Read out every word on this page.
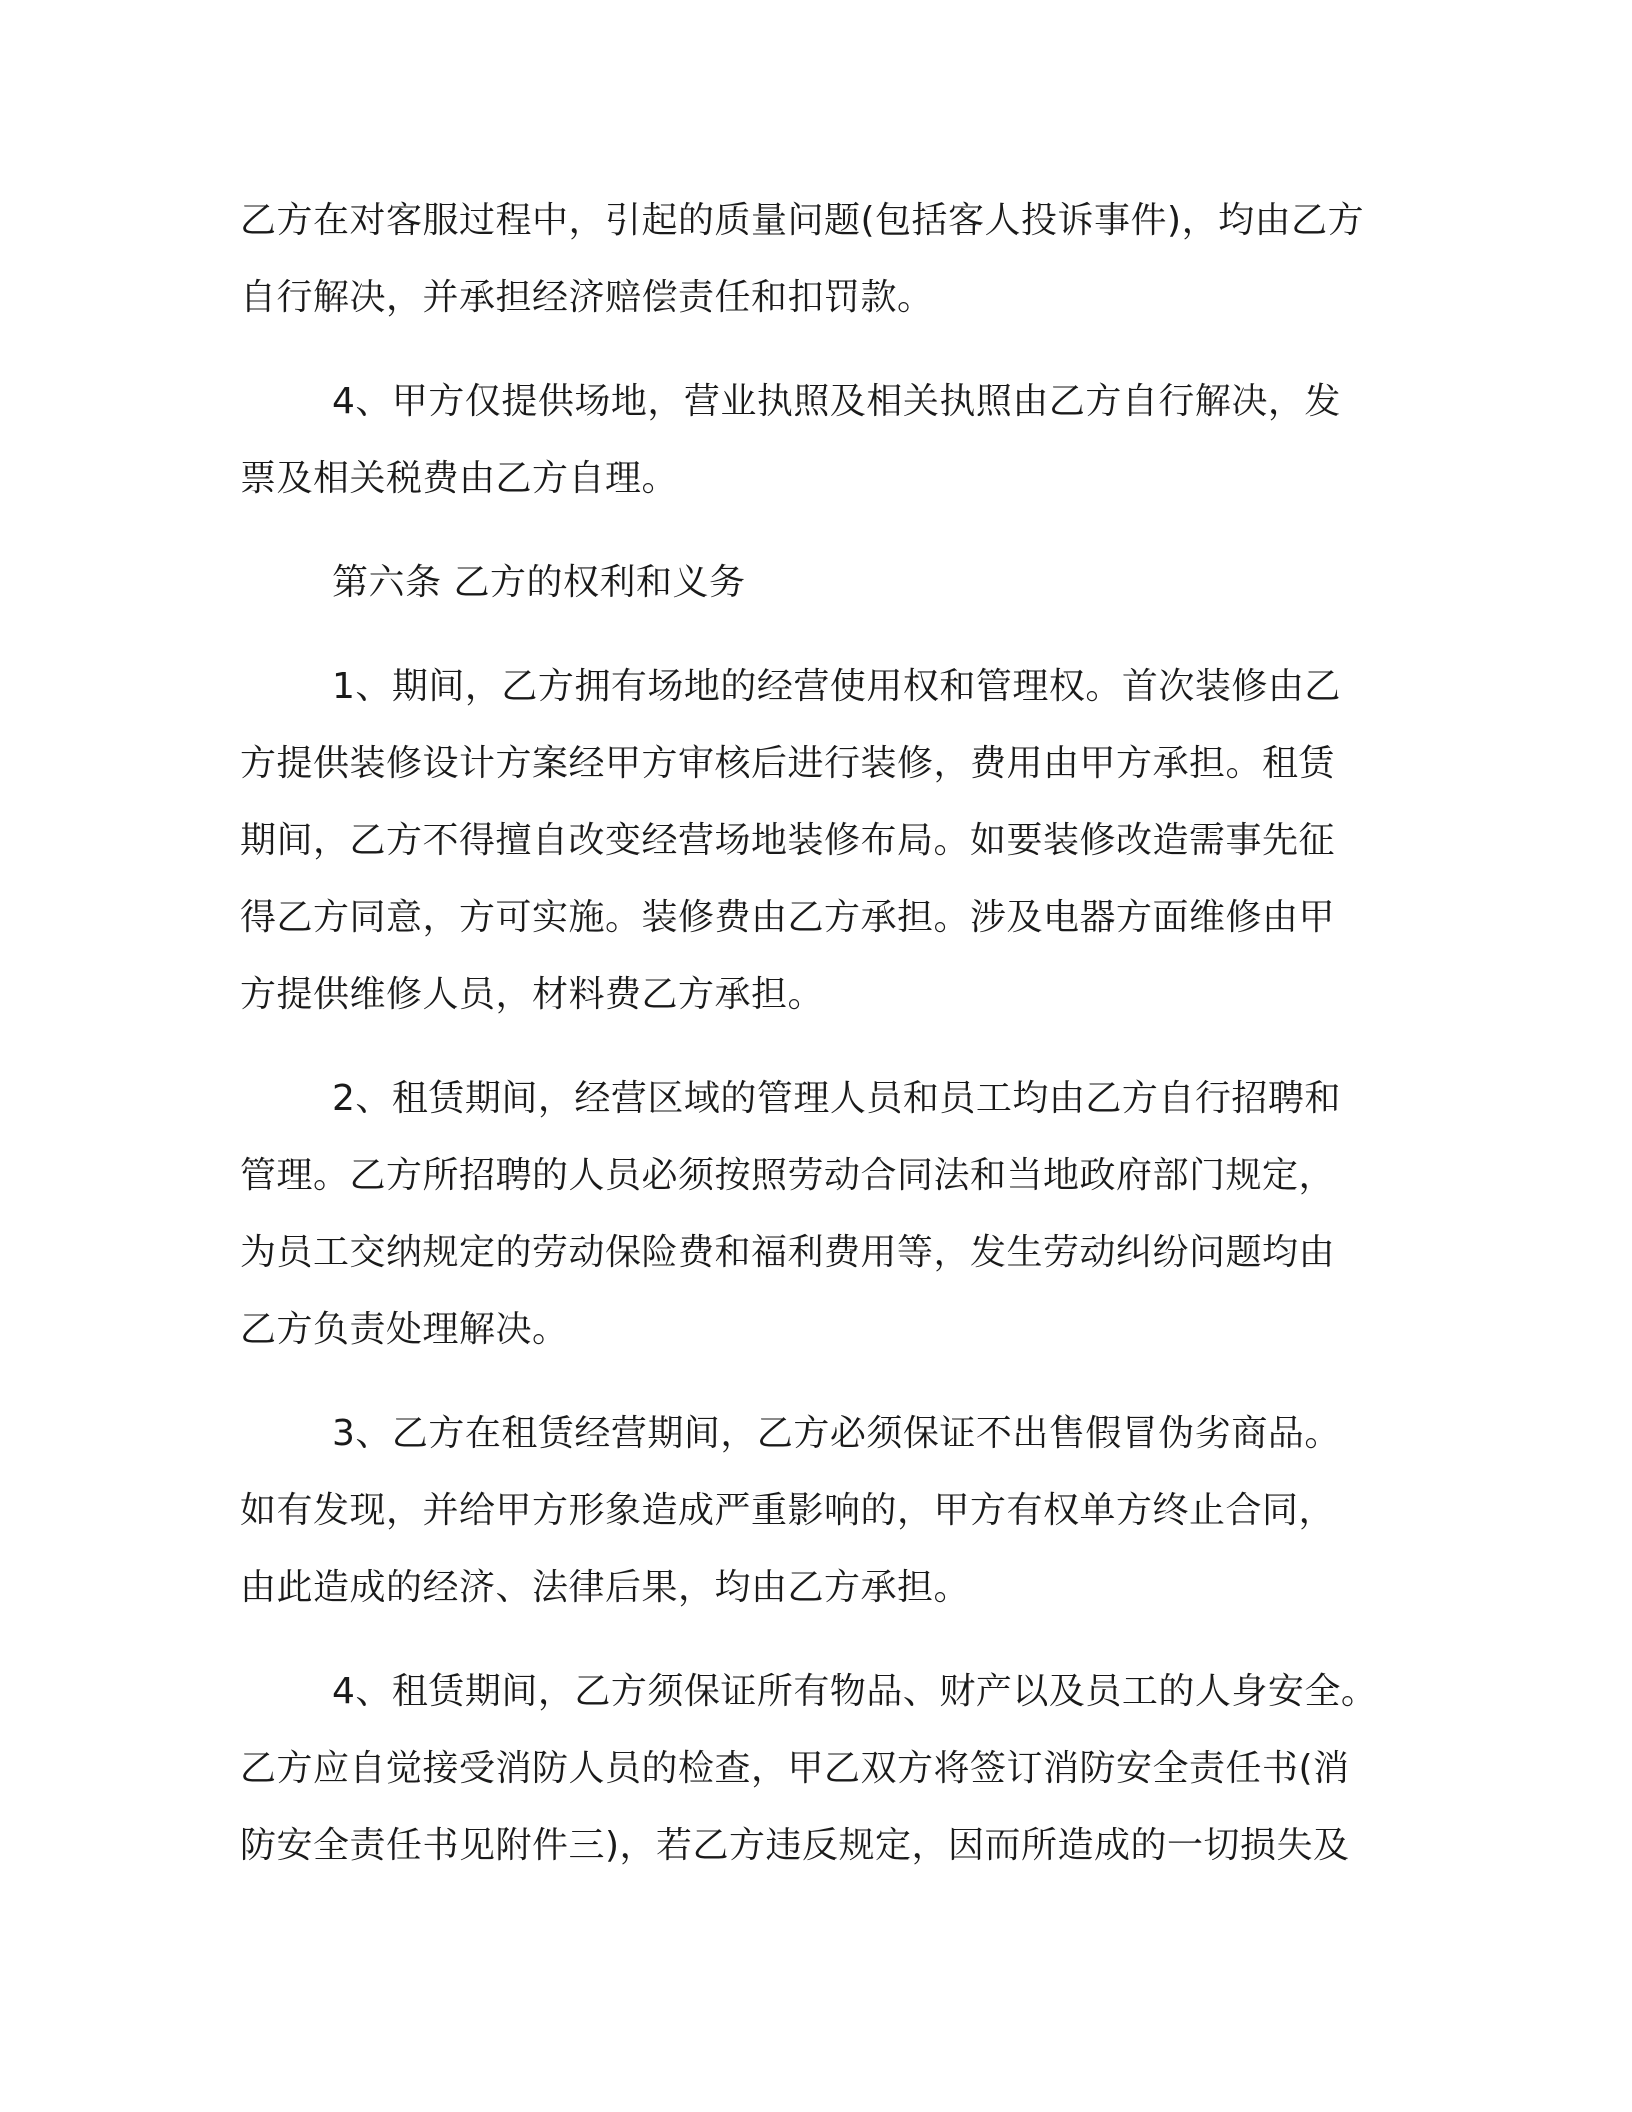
乙方在对客服过程中，引起的质量问题(包括客人投诉事件)，均由乙方
自行解决，并承担经济赔偿责任和扣罚款。

4、甲方仅提供场地，营业执照及相关执照由乙方自行解决，发
票及相关税费由乙方自理。

第六条 乙方的权利和义务

1、期间，乙方拥有场地的经营使用权和管理权。首次装修由乙
方提供装修设计方案经甲方审核后进行装修，费用由甲方承担。租赁
期间，乙方不得擅自改变经营场地装修布局。如要装修改造需事先征
得乙方同意，方可实施。装修费由乙方承担。涉及电器方面维修由甲
方提供维修人员，材料费乙方承担。

2、租赁期间，经营区域的管理人员和员工均由乙方自行招聘和
管理。乙方所招聘的人员必须按照劳动合同法和当地政府部门规定，
为员工交纳规定的劳动保险费和福利费用等，发生劳动纠纷问题均由
乙方负责处理解决。

3、乙方在租赁经营期间，乙方必须保证不出售假冒伪劣商品。
如有发现，并给甲方形象造成严重影响的，甲方有权单方终止合同，
由此造成的经济、法律后果，均由乙方承担。

4、租赁期间，乙方须保证所有物品、财产以及员工的人身安全。
乙方应自觉接受消防人员的检查，甲乙双方将签订消防安全责任书(消
防安全责任书见附件三)，若乙方违反规定，因而所造成的一切损失及
